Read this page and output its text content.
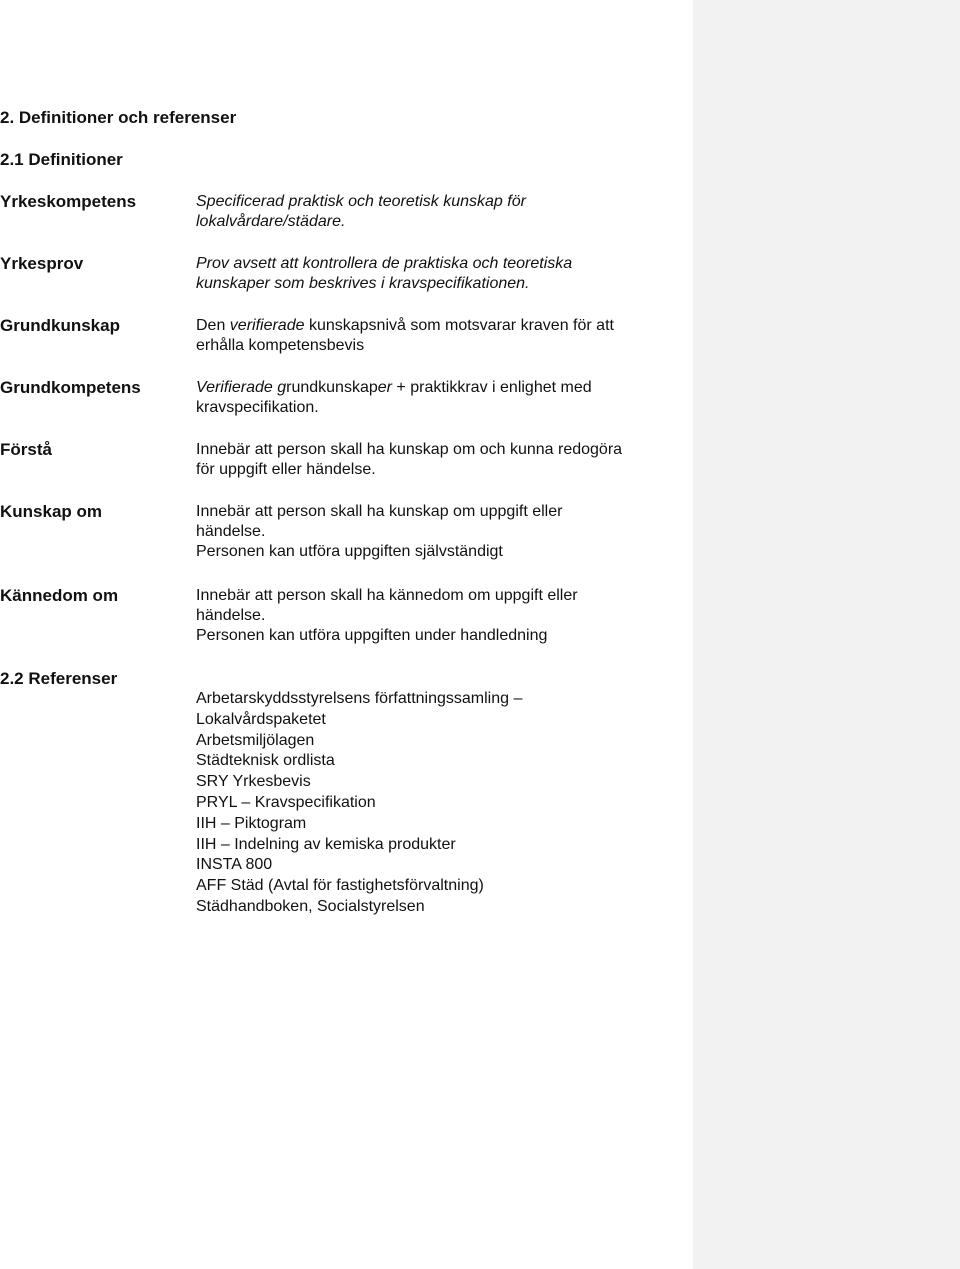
2. Definitioner och referenser
2.1 Definitioner
Yrkeskompetens	Specificerad praktisk och teoretisk kunskap för
lokalvårdare/städare.
Yrkesprov	Prov avsett att kontrollera de praktiska och teoretiska
kunskaper som beskrives i kravspecifikationen.
Grundkunskap	Den verifierade kunskapsnivå som motsvarar kraven för att
erhålla kompetensbevis
Grundkompetens	Verifierade grundkunskaper + praktikkrav i enlighet med
kravspecifikation.
Förstå	Innebär att person skall ha kunskap om och kunna redogöra
för uppgift eller händelse.
Kunskap om	Innebär att person skall ha kunskap om uppgift eller
händelse.
Personen kan utföra uppgiften självständigt
Kännedom om	Innebär att person skall ha kännedom om uppgift eller
händelse.
Personen kan utföra uppgiften under handledning
2.2 Referenser
Arbetarskyddsstyrelsens författningssamling –
Lokalvårdspaketet
Arbetsmiljölagen
Städteknisk ordlista
SRY Yrkesbevis
PRYL – Kravspecifikation
IIH – Piktogram
IIH – Indelning av kemiska produkter
INSTA 800
AFF Städ (Avtal för fastighetsförvaltning)
Städhandboken, Socialstyrelsen
